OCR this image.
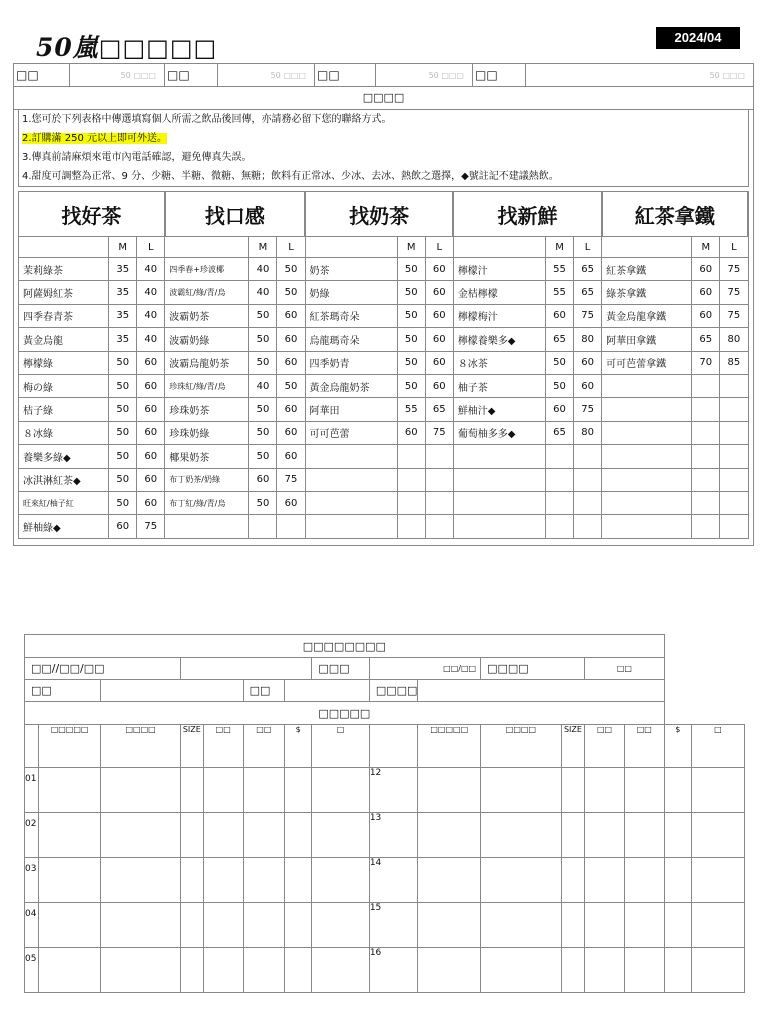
50嵐□□□□□	2024/04
□□	50 □□□	□□	50 □□□	□□	50 □□□	□□	50 □□□
□□□□
1.您可於下列表格中傳選填寫個人所需之飲品後回傳，亦請務必留下您的聯絡方式。
2.訂購滿 250 元以上即可外送。
3.傳真前請麻煩來電市內電話確認，避免傳真失誤。
4.甜度可調整為正常、9 分、少糖、半糖、微糖、無糖；飲料有正常冰、少冰、去冰、熱飲之選擇，◆號註記不建議熱飲。
找好茶			找口感			找奶茶			找新鮮			紅茶拿鐵		
	M	L		M	L		M	L		M	L		M	L
茉莉綠茶	35	40	四季春+珍波椰	40	50	奶茶	50	60	檸檬汁	55	65	紅茶拿鐵	60	75
阿薩姆紅茶	35	40	波霸紅/綠/青/烏	40	50	奶綠	50	60	金桔檸檬	55	65	綠茶拿鐵	60	75
四季春青茶	35	40	波霸奶茶	50	60	紅茶瑪奇朵	50	60	檸檬梅汁	60	75	黃金烏龍拿鐵	60	75
黃金烏龍	35	40	波霸奶綠	50	60	烏龍瑪奇朵	50	60	檸檬養樂多◆	65	80	阿華田拿鐵	65	80
檸檬綠	50	60	波霸烏龍奶茶	50	60	四季奶青	50	60	８冰茶	50	60	可可芭蕾拿鐵	70	85
梅の綠	50	60	珍珠紅/綠/青/烏	40	50	黃金烏龍奶茶	50	60	柚子茶	50	60			
桔子綠	50	60	珍珠奶茶	50	60	阿華田	55	65	鮮柚汁◆	60	75			
８冰綠	50	60	珍珠奶綠	50	60	可可芭蕾	60	75	葡萄柚多多◆	65	80			
養樂多綠◆	50	60	椰果奶茶	50	60									
冰淇淋紅茶◆	50	60	布丁奶茶/奶綠	60	75									
旺來紅/柚子紅	50	60	布丁紅/綠/青/烏	50	60									
鮮柚綠◆	60	75												
□□□□□□□□															
□□//□□/□□							□□□	□□/□□		□□□□		□□			
□□					□□			□□□□							
□□□□□															
	□□□□□	□□□□	SIZE	□□	□□	$	□		□□□□□	□□□□	SIZE	□□	□□	$	□
01								12							
02								13							
03								14							
04								15							
05								16							
